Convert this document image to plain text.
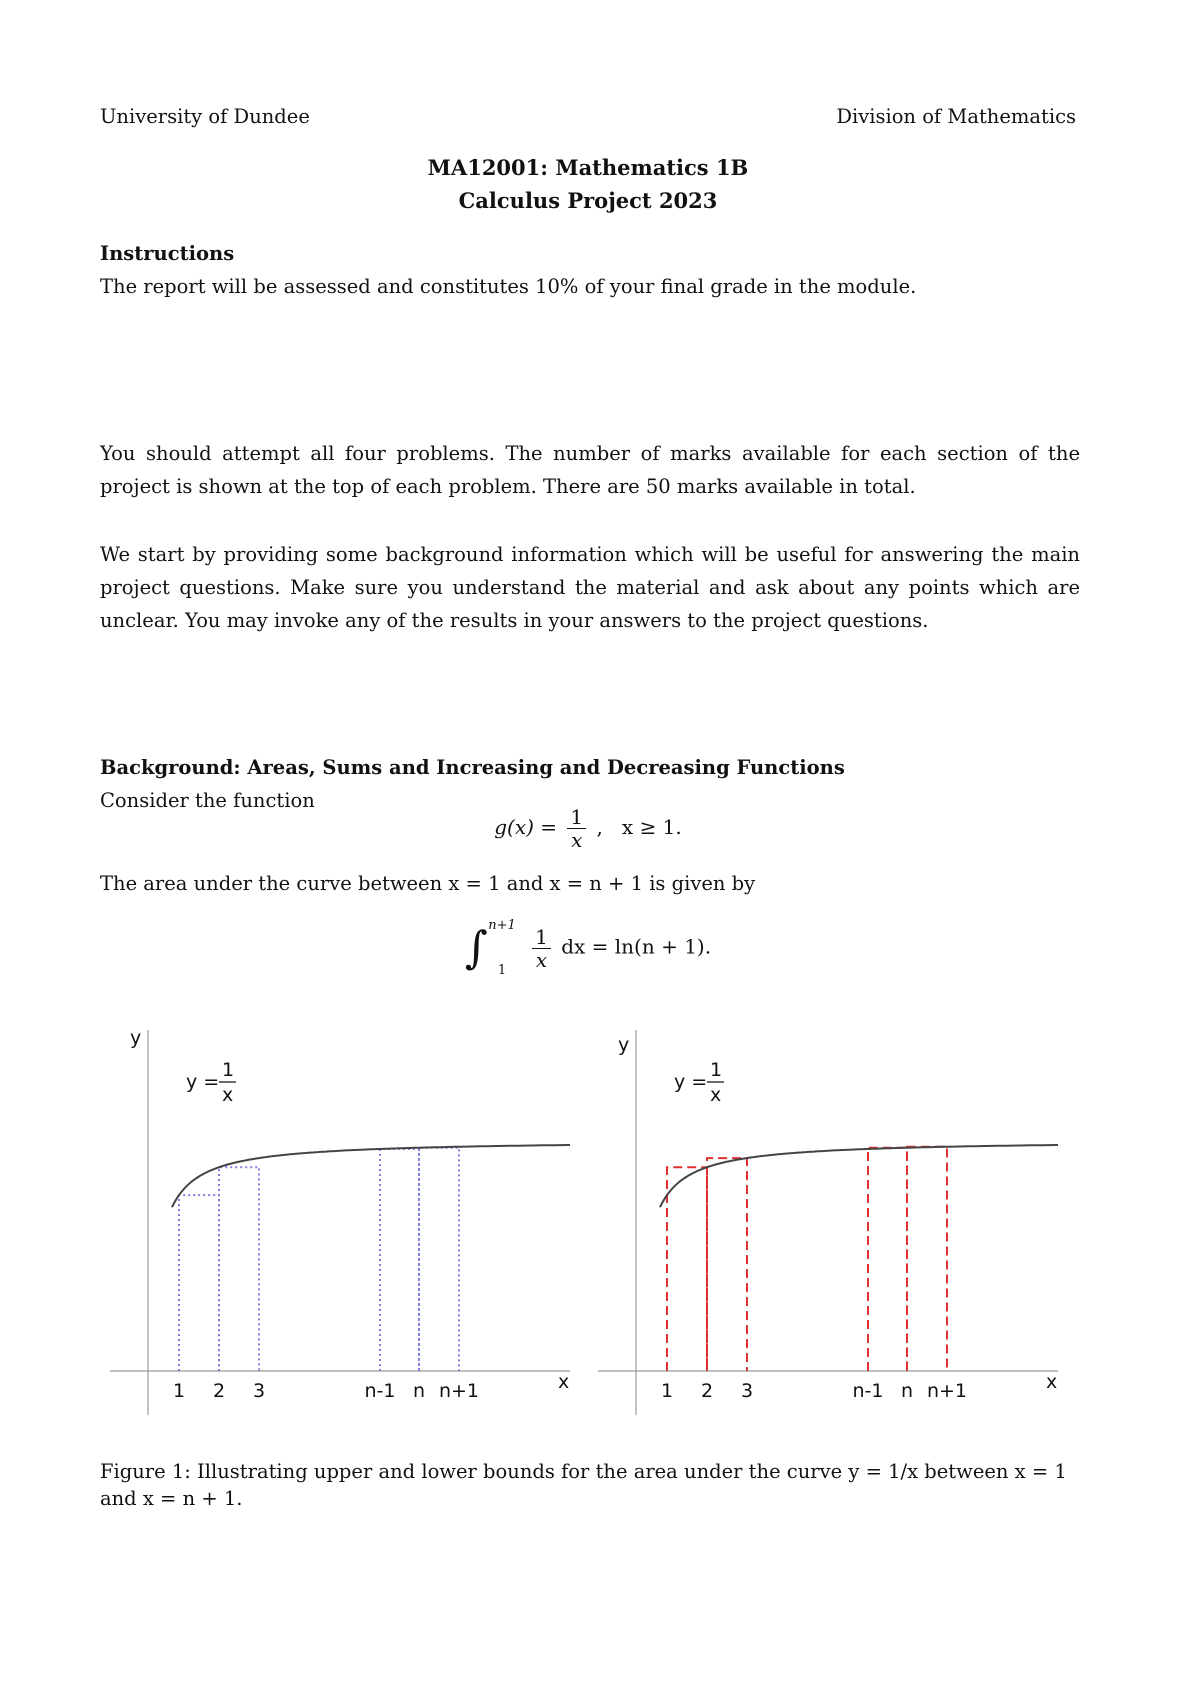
University of Dundee	Division of Mathematics

MA12001: Mathematics 1B

Calculus Project 2023

Instructions

The report will be assessed and constitutes 10% of your final grade in the module.

You should attempt all four problems. The number of marks available for each section of the project is shown at the top of each problem. There are 50 marks available in total.

We start by providing some background information which will be useful for answering the main project questions. Make sure you understand the material and ask about any points which are unclear. You may invoke any of the results in your answers to the project questions.

Background: Areas, Sums and Increasing and Decreasing Functions

Consider the function

$g(x) = \frac{1}{x}$ ,   x ≥ 1.

The area under the curve between x = 1 and x = n + 1 is given by

∫ n+1
1
	$\frac{1}{x}$ dx = ln(n + 1).
y
x
y =
1
x
1 2 3	n-1 n n+1
y
x
y =
1
x
1 2 3	n-1 n n+1

Figure 1: Illustrating upper and lower bounds for the area under the curve y = 1/x between x = 1

and x = n + 1.
